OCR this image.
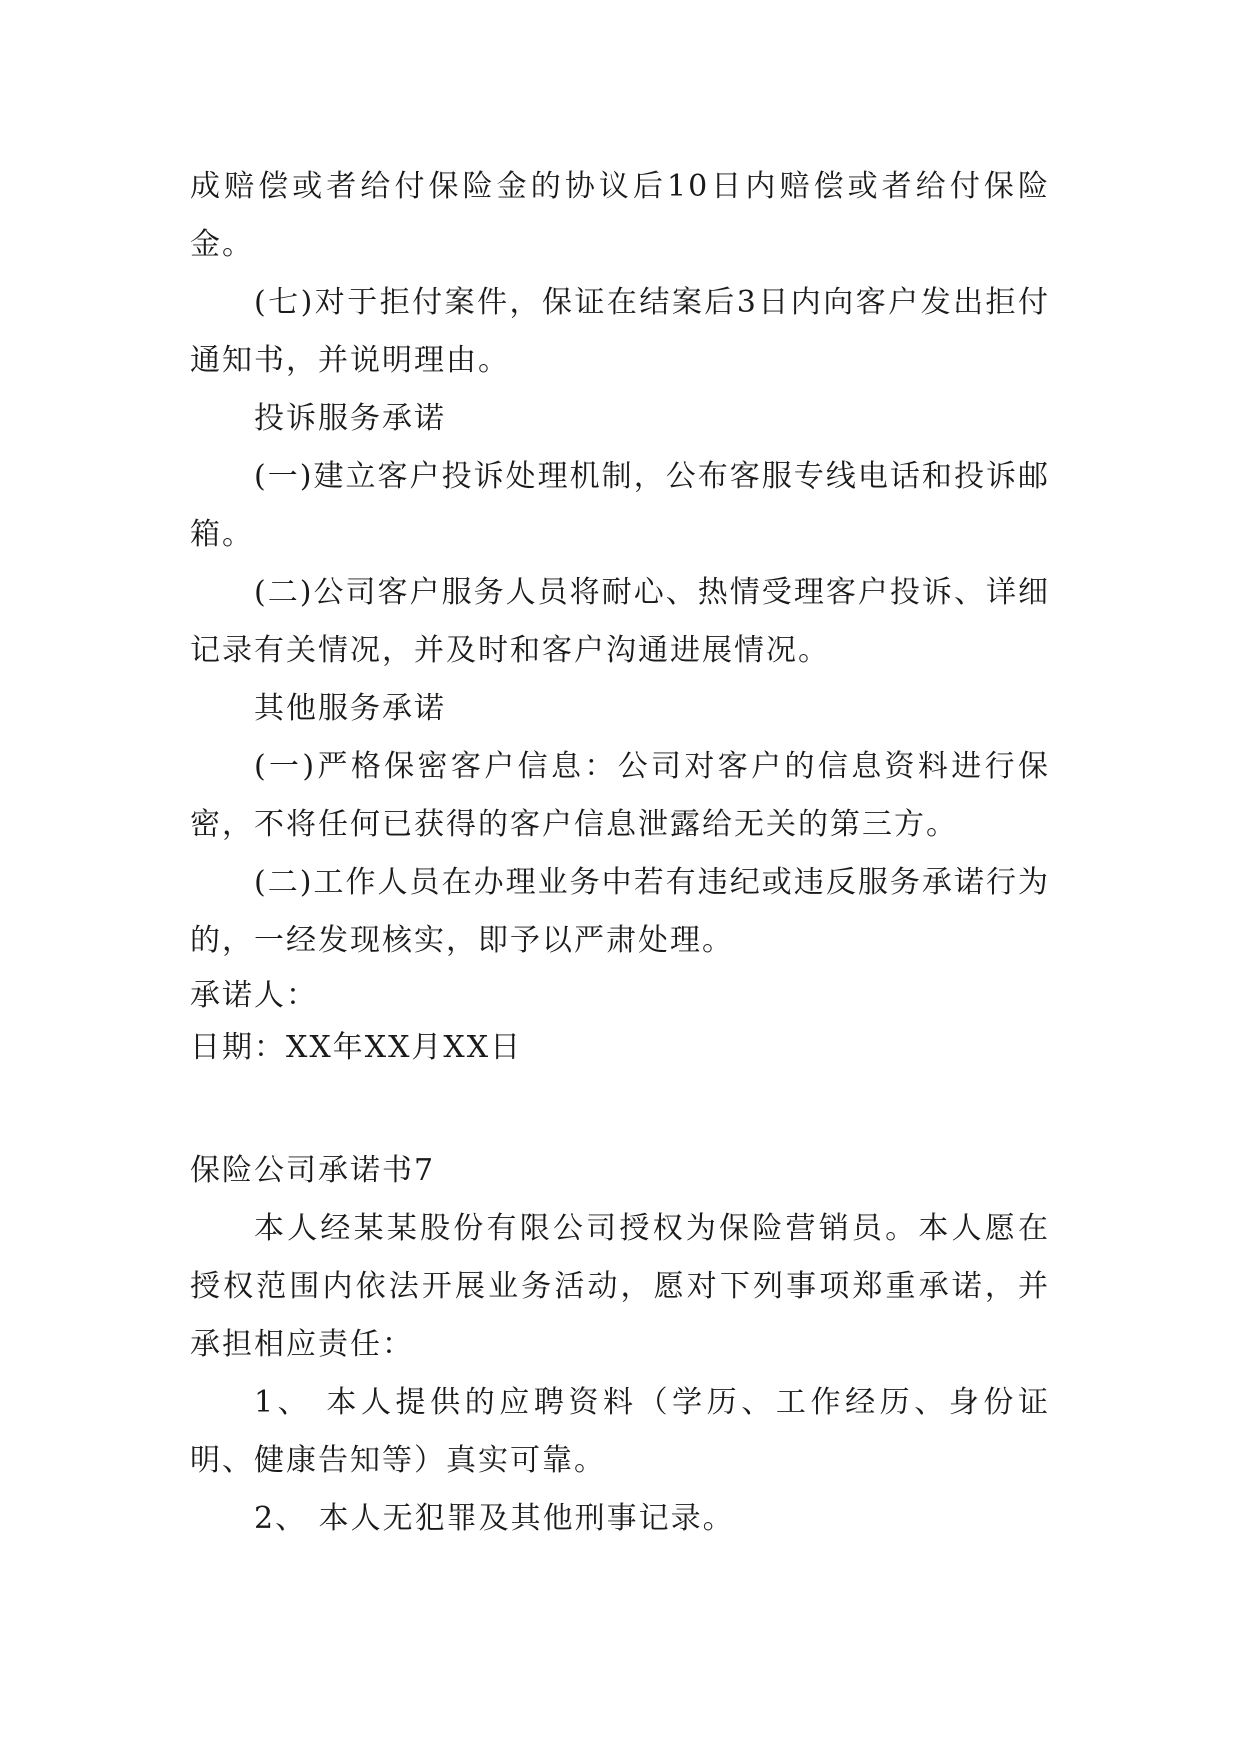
成赔偿或者给付保险金的协议后10日内赔偿或者给付保险金。

(七)对于拒付案件，保证在结案后3日内向客户发出拒付通知书，并说明理由。

投诉服务承诺

(一)建立客户投诉处理机制，公布客服专线电话和投诉邮箱。

(二)公司客户服务人员将耐心、热情受理客户投诉、详细记录有关情况，并及时和客户沟通进展情况。

其他服务承诺

(一)严格保密客户信息：公司对客户的信息资料进行保密，不将任何已获得的客户信息泄露给无关的第三方。

(二)工作人员在办理业务中若有违纪或违反服务承诺行为的，一经发现核实，即予以严肃处理。

承诺人：

日期：XX年XX月XX日

保险公司承诺书7

本人经某某股份有限公司授权为保险营销员。本人愿在授权范围内依法开展业务活动，愿对下列事项郑重承诺，并承担相应责任：

1、 本人提供的应聘资料（学历、工作经历、身份证明、健康告知等）真实可靠。

2、 本人无犯罪及其他刑事记录。
